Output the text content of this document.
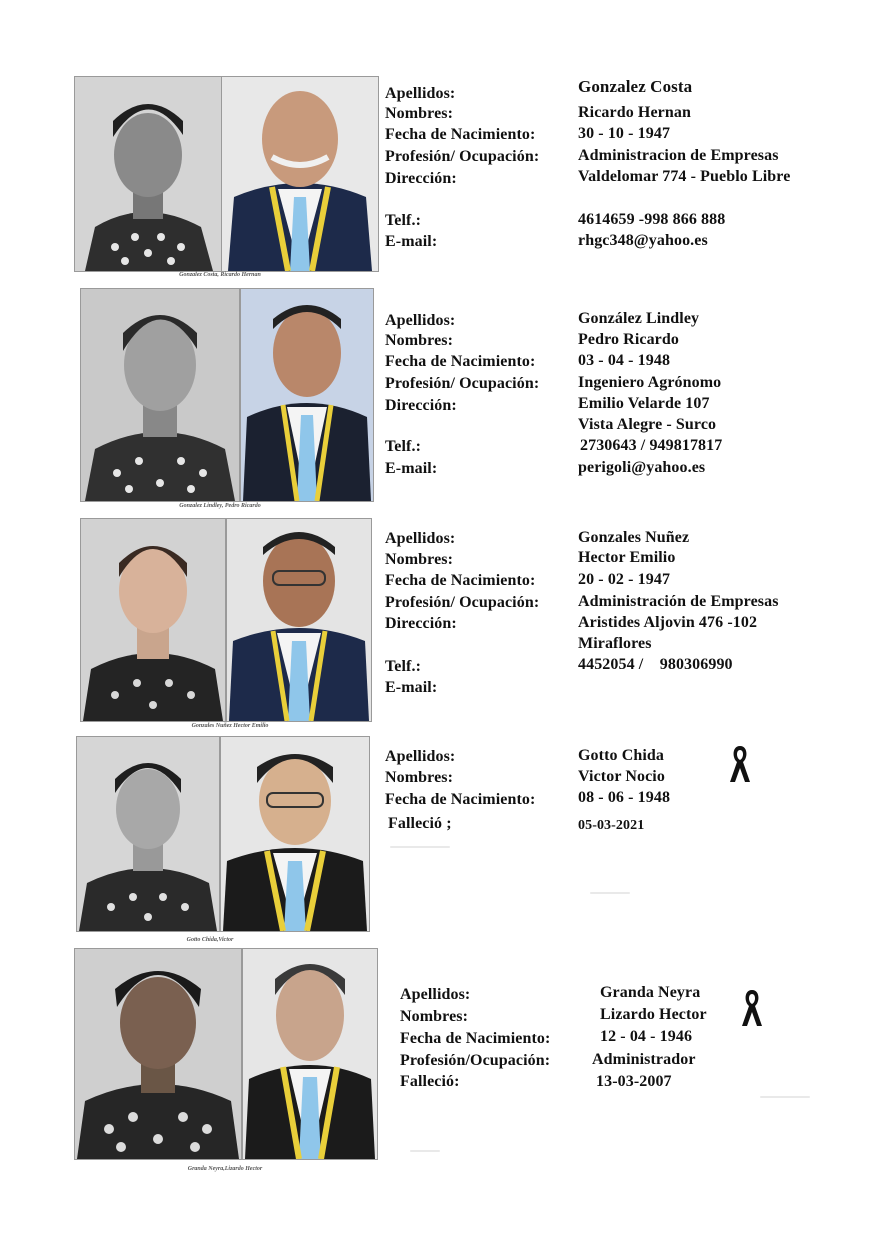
Gonzalez Costa, Ricardo Hernan
Apellidos:
Nombres:
Fecha de Nacimiento:
Profesión/ Ocupación:
Dirección:
Telf.:
E-mail:
Gonzalez Costa
Ricardo Hernan
30 - 10 - 1947
Administracion de Empresas
Valdelomar 774 - Pueblo Libre
4614659 -998 866 888
rhgc348@yahoo.es
Gonzalez Lindley, Pedro Ricardo
Apellidos:
Nombres:
Fecha de Nacimiento:
Profesión/ Ocupación:
Dirección:
Telf.:
E-mail:
González Lindley
Pedro Ricardo
03 - 04 - 1948
Ingeniero Agrónomo
Emilio Velarde 107
Vista Alegre - Surco
2730643 / 949817817
perigoli@yahoo.es
Gonzales Nuñez Hector Emilio
Apellidos:
Nombres:
Fecha de Nacimiento:
Profesión/ Ocupación:
Dirección:
Telf.:
E-mail:
Gonzales Nuñez
Hector Emilio
20 - 02 - 1947
Administración de Empresas
Aristides Aljovin 476 -102
Miraflores
4452054 /    980306990
Gotto Chida,Victor
Apellidos:
Nombres:
Fecha de Nacimiento:
Falleció ;
Gotto Chida
Victor Nocio
08 - 06 - 1948
05-03-2021
Granda Neyra,Lizardo Hector
Apellidos:
Nombres:
Fecha de Nacimiento:
Profesión/Ocupación:
Falleció:
Granda Neyra
Lizardo Hector
12 - 04 - 1946
Administrador
13-03-2007
